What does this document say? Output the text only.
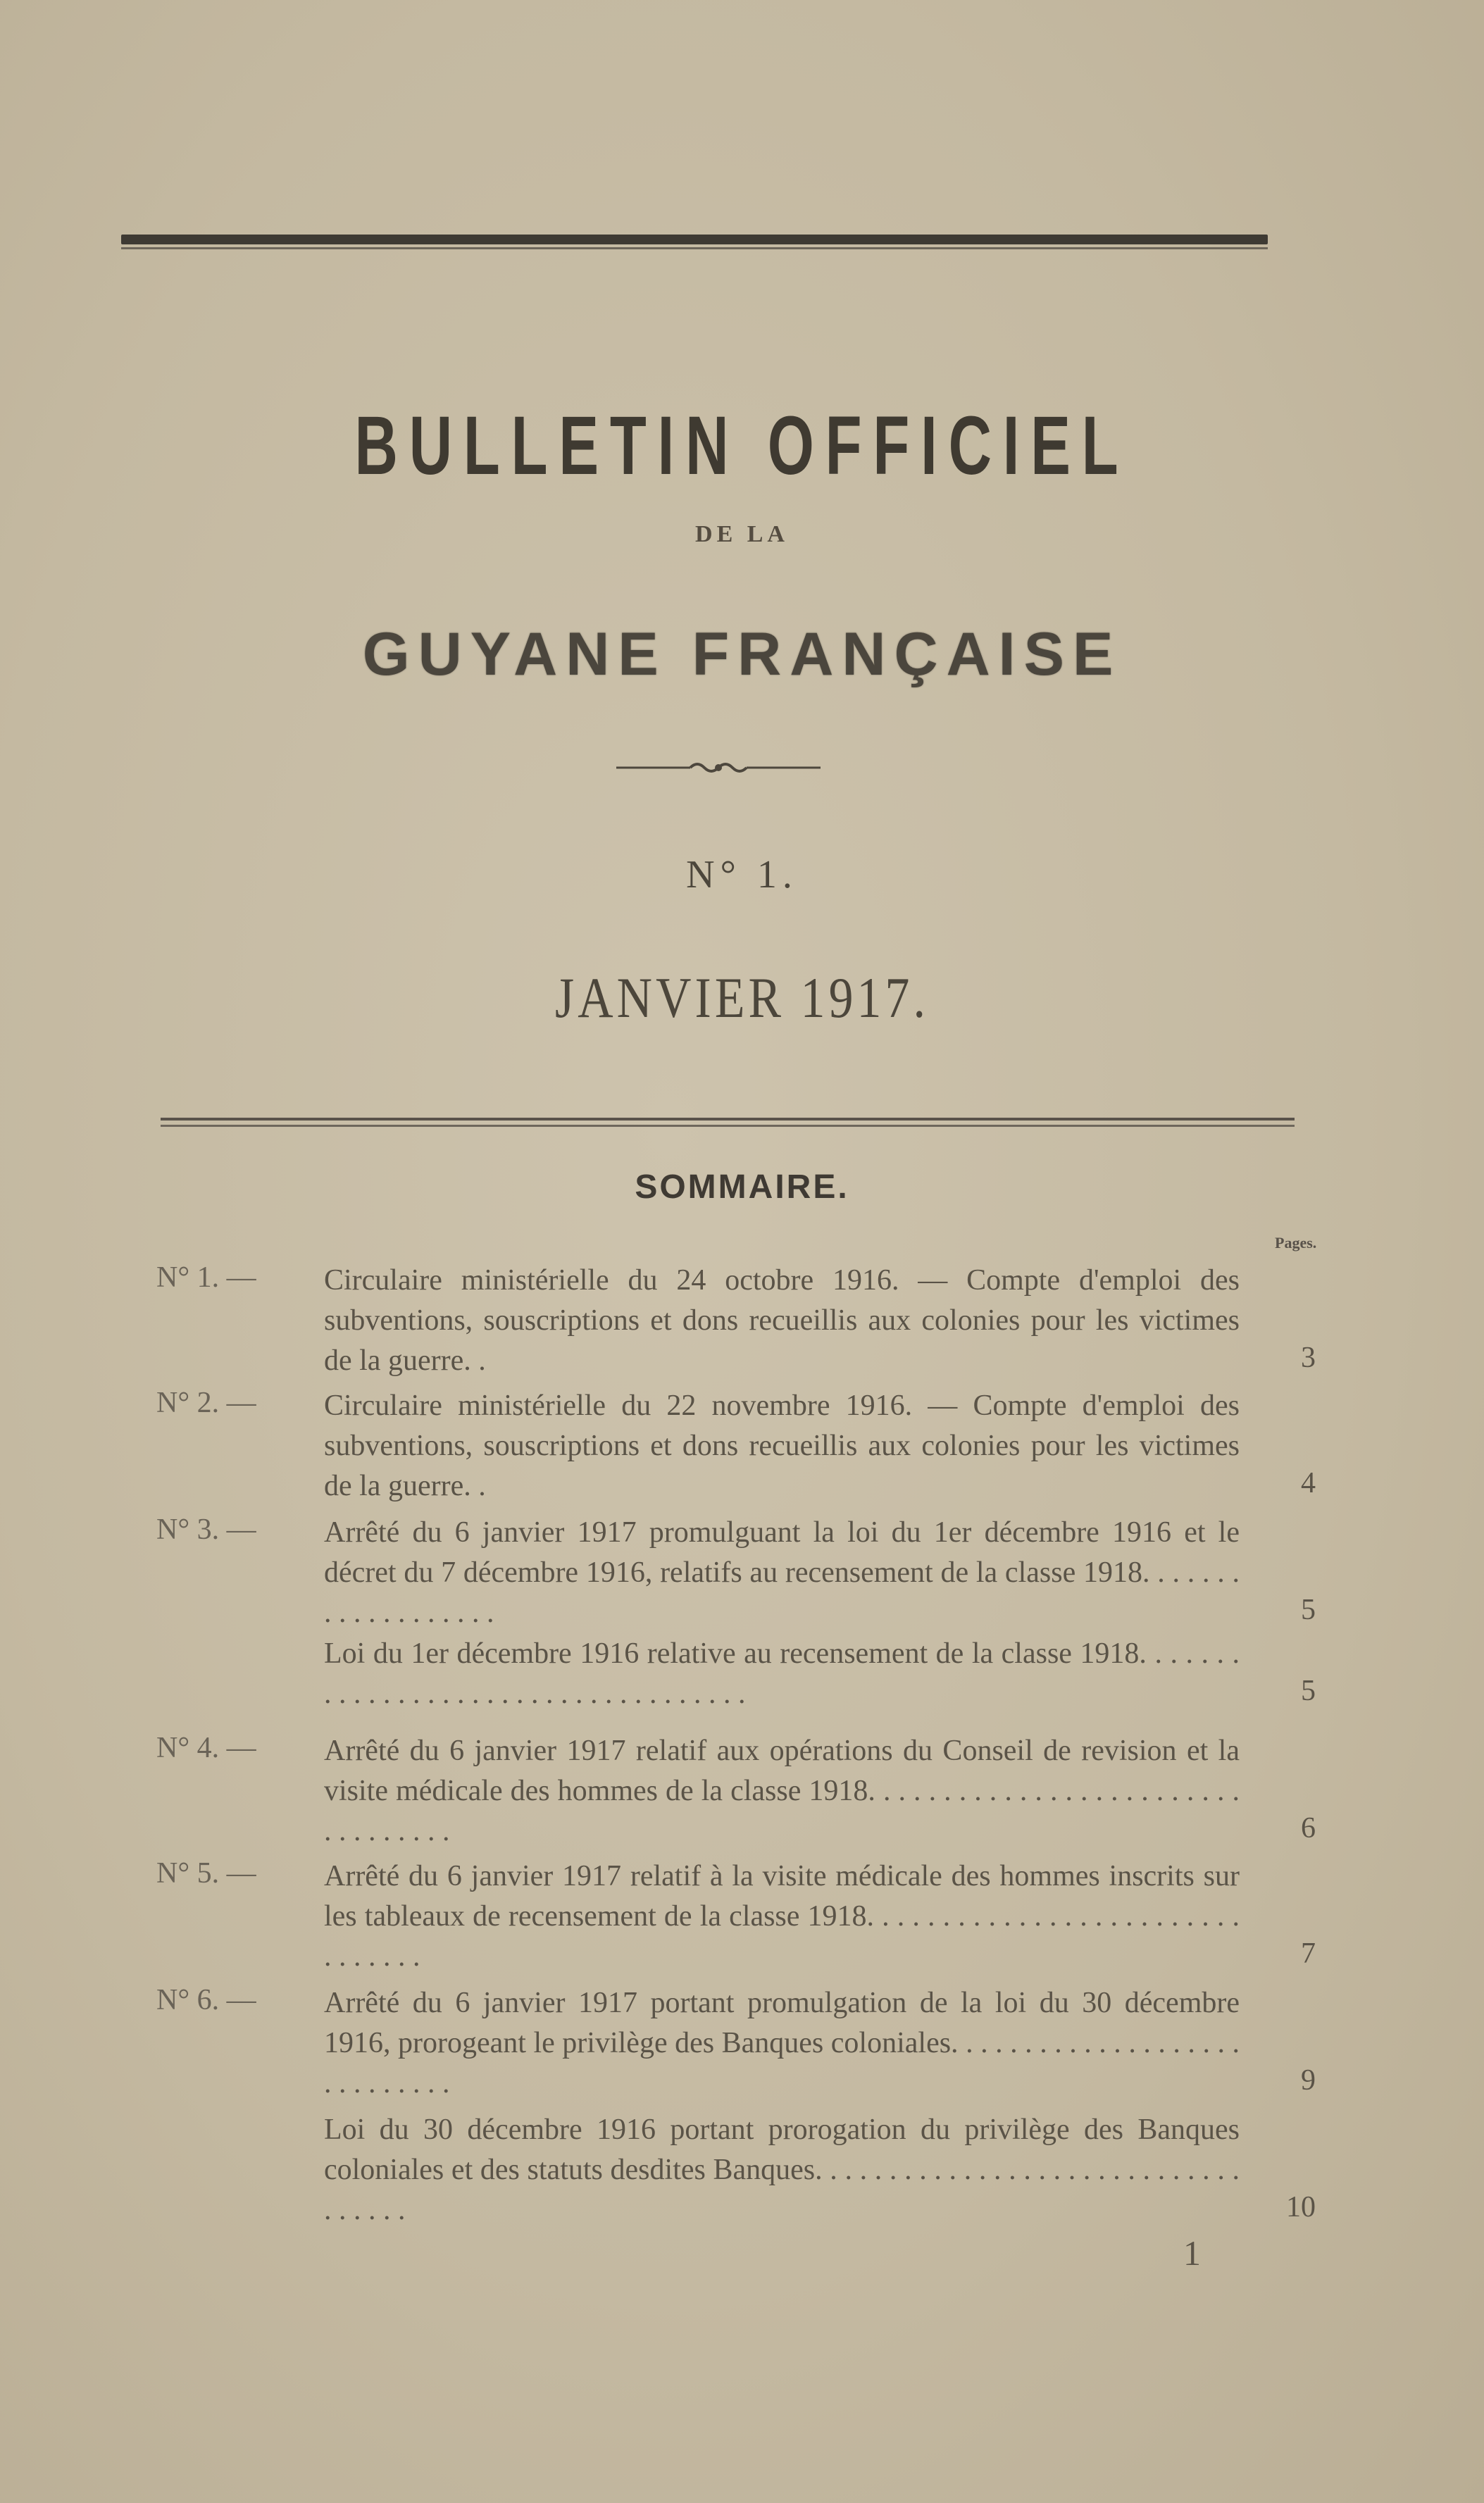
BULLETIN OFFICIEL
DE LA
GUYANE FRANÇAISE
N° 1.
JANVIER 1917.
SOMMAIRE.
Pages.
N° 1. —	Circulaire ministérielle du 24 octobre 1916. — Compte d'emploi des subventions, souscriptions et dons recueillis aux colonies pour les victimes de la guerre. .	3
N° 2. —	Circulaire ministérielle du 22 novembre 1916. — Compte d'emploi des subventions, souscriptions et dons recueillis aux colonies pour les victimes de la guerre. .	4
N° 3. —	Arrêté du 6 janvier 1917 promulguant la loi du 1er décembre 1916 et le décret du 7 décembre 1916, relatifs au recensement de la classe 1918. . . . . . . . . . . . . . . . . . .	5
Loi du 1er décembre 1916 relative au recensement de la classe 1918. . . . . . . . . . . . . . . . . . . . . . . . . . . . . . . . . . . .	5
N° 4. —	Arrêté du 6 janvier 1917 relatif aux opérations du Conseil de revision et la visite médicale des hommes de la classe 1918. . . . . . . . . . . . . . . . . . . . . . . . . . . . . . . . . .	6
N° 5. —	Arrêté du 6 janvier 1917 relatif à la visite médicale des hommes inscrits sur les tableaux de recensement de la classe 1918. . . . . . . . . . . . . . . . . . . . . . . . . . . . . . . .	7
N° 6. —	Arrêté du 6 janvier 1917 portant promulgation de la loi du 30 décembre 1916, prorogeant le privilège des Banques coloniales. . . . . . . . . . . . . . . . . . . . . . . . . . . . .	9
Loi du 30 décembre 1916 portant prorogation du privilège des Banques coloniales et des statuts desdites Banques. . . . . . . . . . . . . . . . . . . . . . . . . . . . . . . . . . .	10
1
